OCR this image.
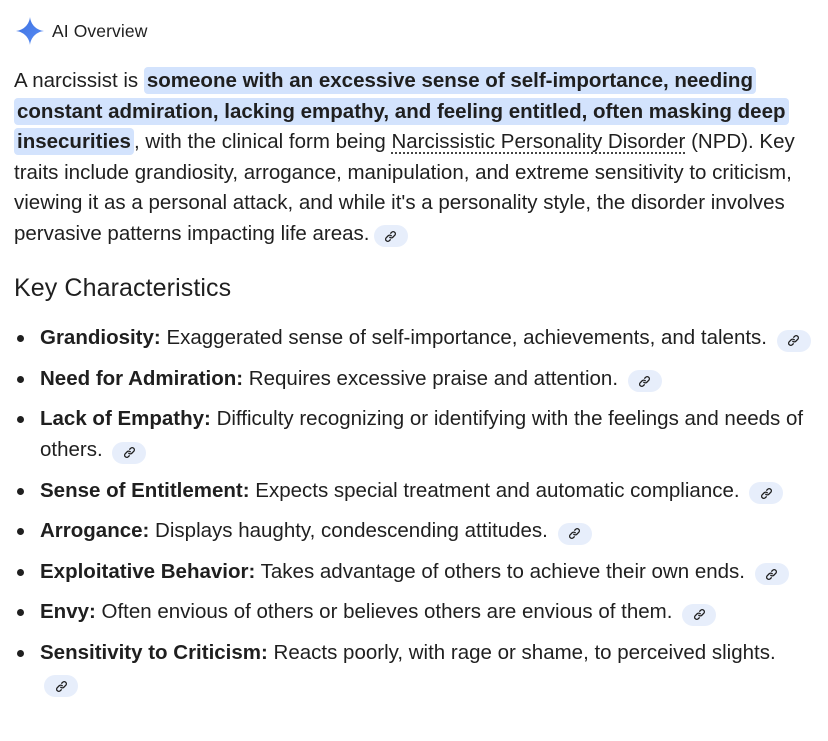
AI Overview

A narcissist is someone with an excessive sense of self-importance, needing constant admiration, lacking empathy, and feeling entitled, often masking deep insecurities , with the clinical form being Narcissistic Personality Disorder (NPD). Key traits include grandiosity, arrogance, manipulation, and extreme sensitivity to criticism, viewing it as a personal attack, and while it's a personality style, the disorder involves pervasive patterns impacting life areas.

Key Characteristics
Grandiosity: Exaggerated sense of self-importance, achievements, and talents.
Need for Admiration: Requires excessive praise and attention.
Lack of Empathy: Difficulty recognizing or identifying with the feelings and needs of others.
Sense of Entitlement: Expects special treatment and automatic compliance.
Arrogance: Displays haughty, condescending attitudes.
Exploitative Behavior: Takes advantage of others to achieve their own ends.
Envy: Often envious of others or believes others are envious of them.
Sensitivity to Criticism: Reacts poorly, with rage or shame, to perceived slights.
